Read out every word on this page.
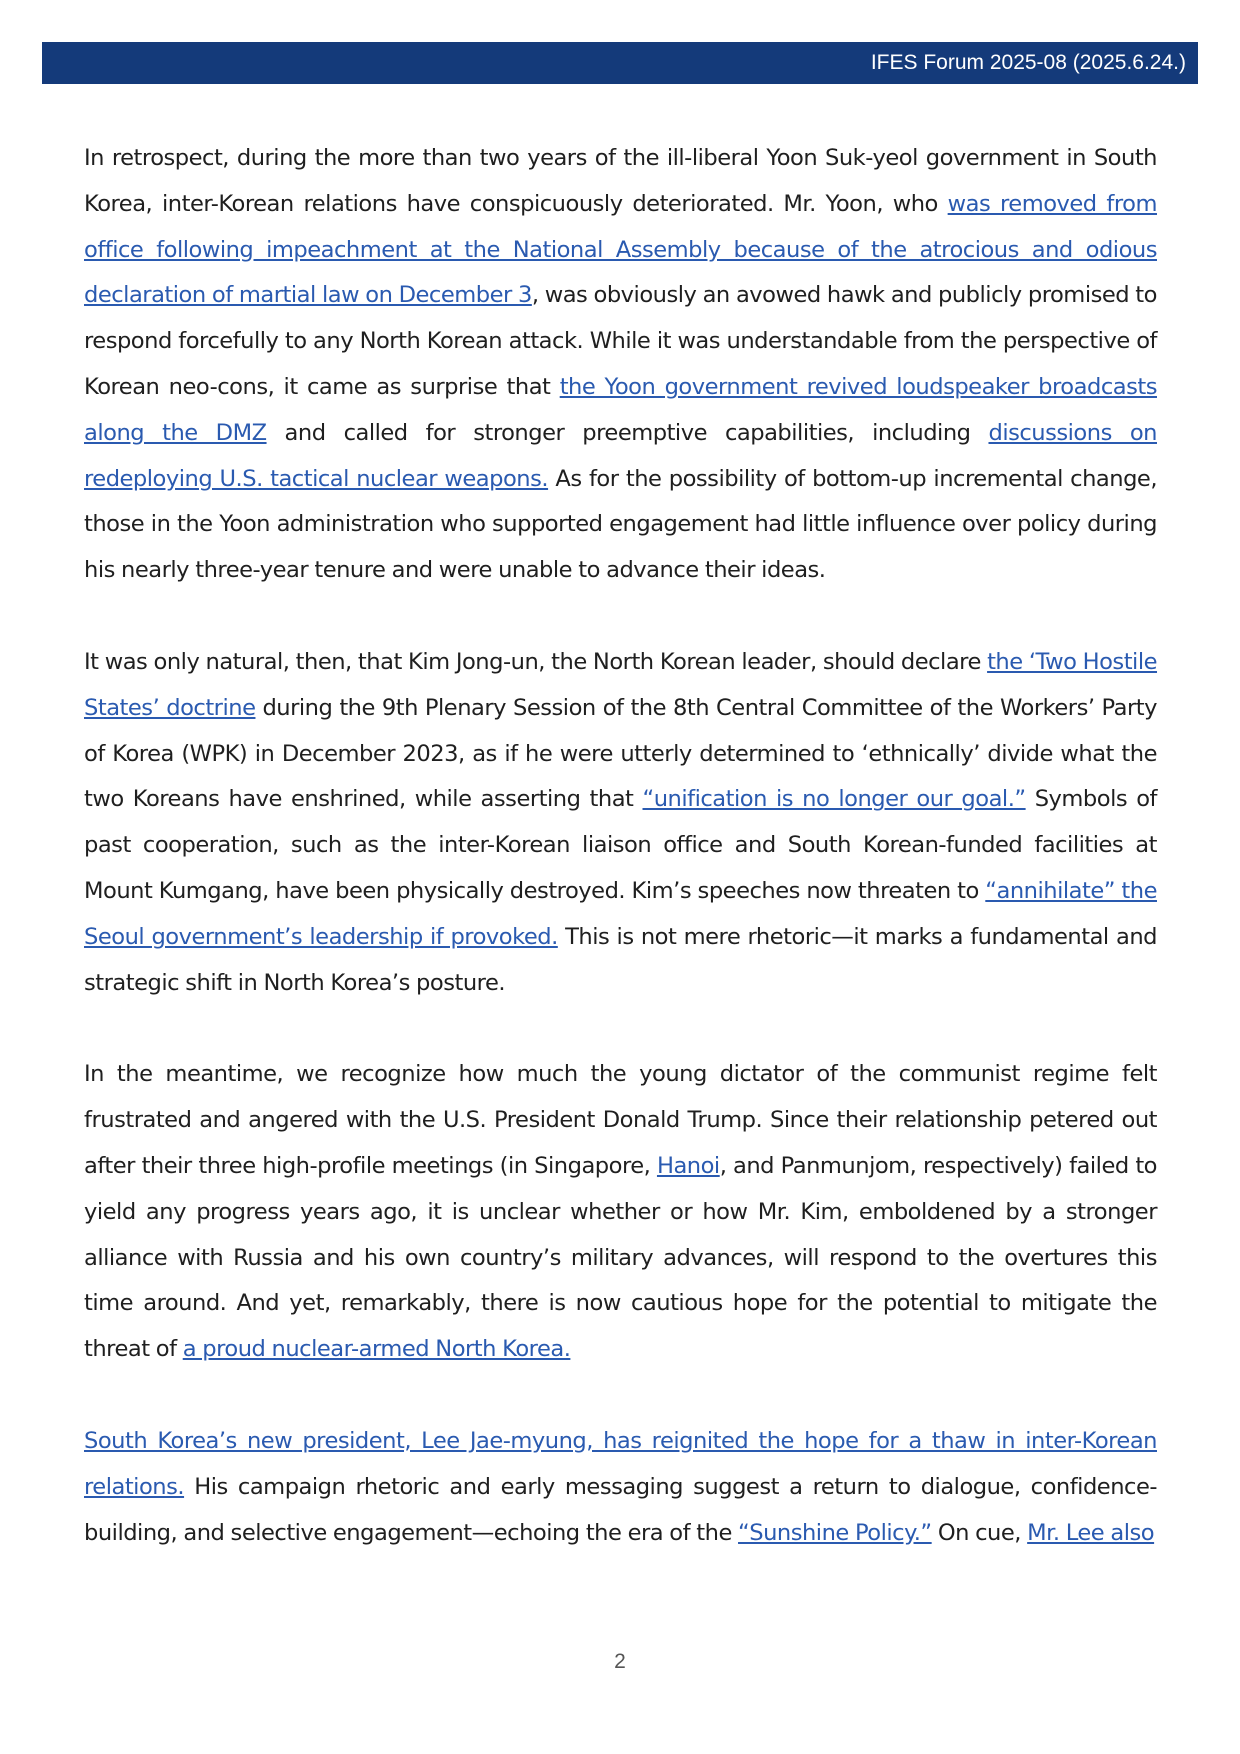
IFES Forum 2025-08 (2025.6.24.)

In retrospect, during the more than two years of the ill-liberal Yoon Suk-yeol government in South Korea, inter-Korean relations have conspicuously deteriorated. Mr. Yoon, who was removed from office following impeachment at the National Assembly because of the atrocious and odious declaration of martial law on December 3, was obviously an avowed hawk and publicly promised to respond forcefully to any North Korean attack. While it was understandable from the perspective of Korean neo-cons, it came as surprise that the Yoon government revived loudspeaker broadcasts along the DMZ and called for stronger preemptive capabilities, including discussions on redeploying U.S. tactical nuclear weapons. As for the possibility of bottom-up incremental change, those in the Yoon administration who supported engagement had little influence over policy during his nearly three-year tenure and were unable to advance their ideas.

It was only natural, then, that Kim Jong-un, the North Korean leader, should declare the ‘Two Hostile States’ doctrine during the 9th Plenary Session of the 8th Central Committee of the Workers’ Party of Korea (WPK) in December 2023, as if he were utterly determined to ‘ethnically’ divide what the two Koreans have enshrined, while asserting that “unification is no longer our goal.” Symbols of past cooperation, such as the inter-Korean liaison office and South Korean-funded facilities at Mount Kumgang, have been physically destroyed. Kim’s speeches now threaten to “annihilate” the Seoul government’s leadership if provoked. This is not mere rhetoric—it marks a fundamental and strategic shift in North Korea’s posture.

In the meantime, we recognize how much the young dictator of the communist regime felt frustrated and angered with the U.S. President Donald Trump. Since their relationship petered out after their three high-profile meetings (in Singapore, Hanoi, and Panmunjom, respectively) failed to yield any progress years ago, it is unclear whether or how Mr. Kim, emboldened by a stronger alliance with Russia and his own country’s military advances, will respond to the overtures this time around. And yet, remarkably, there is now cautious hope for the potential to mitigate the threat of a proud nuclear-armed North Korea.

South Korea’s new president, Lee Jae-myung, has reignited the hope for a thaw in inter-Korean relations. His campaign rhetoric and early messaging suggest a return to dialogue, confidence-building, and selective engagement—echoing the era of the “Sunshine Policy.” On cue, Mr. Lee also

2
